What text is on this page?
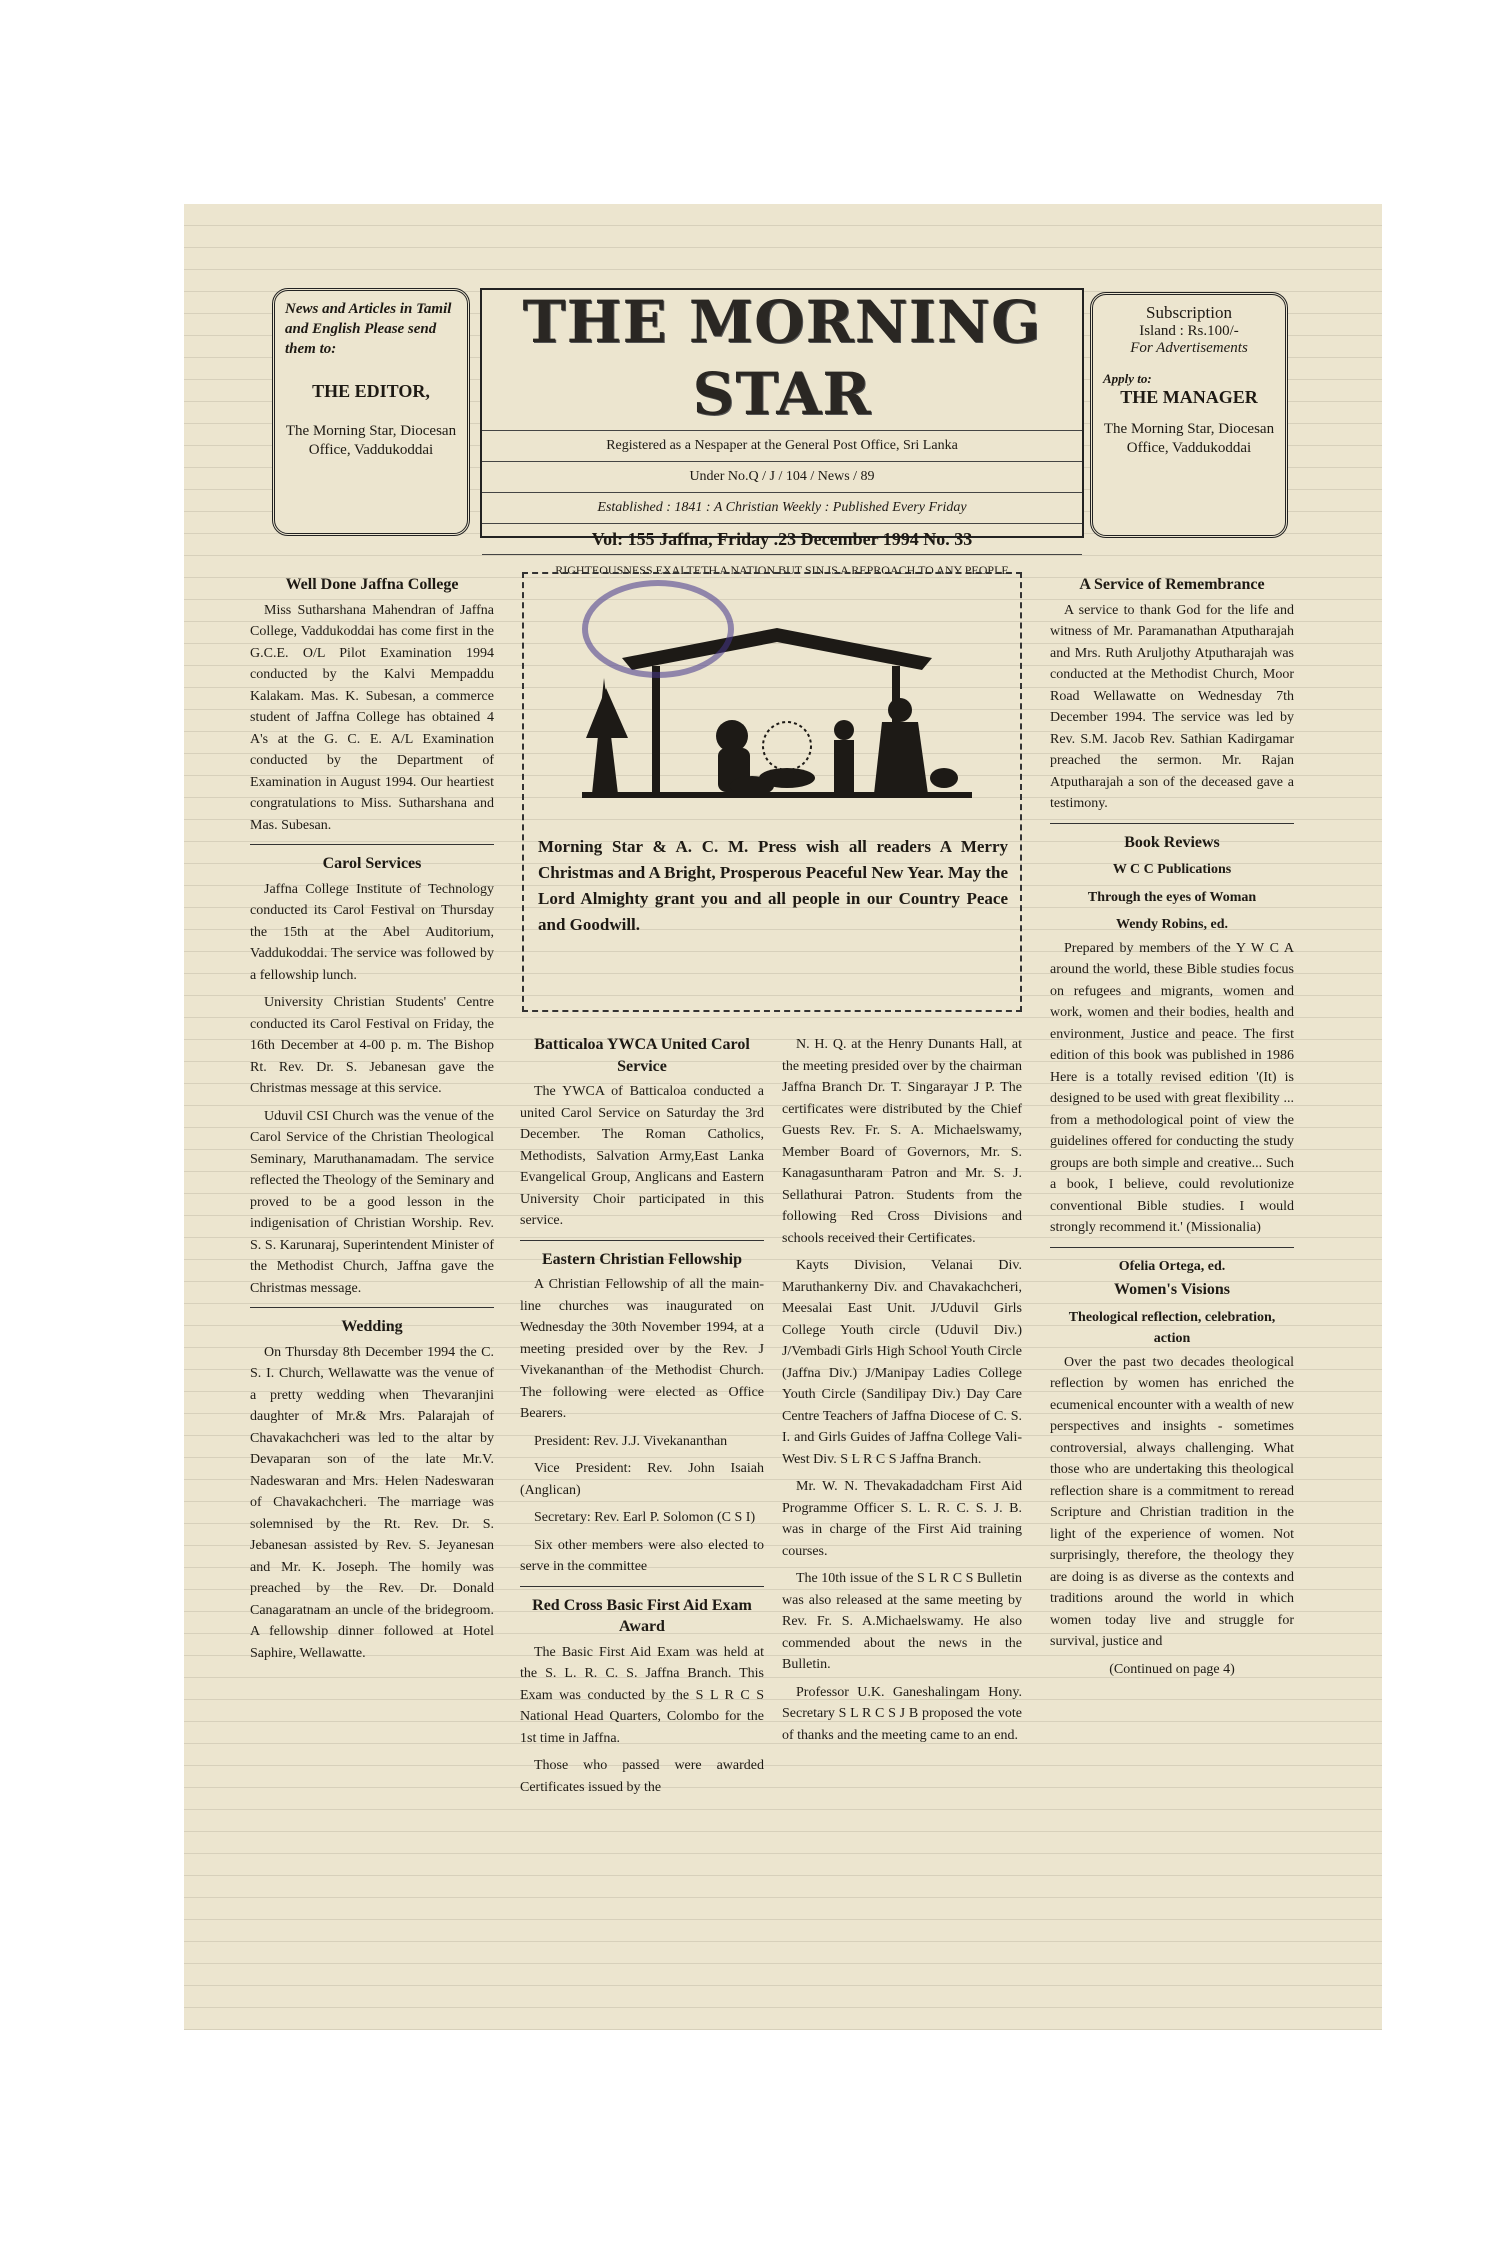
News and Articles in Tamil and English Please send them to:
THE EDITOR,
The Morning Star, Diocesan Office, Vaddukoddai
THE MORNING STAR
Registered as a Nespaper at the General Post Office, Sri Lanka
Under No.Q / J / 104 / News / 89
Established : 1841 : A Christian Weekly : Published Every Friday
Vol: 155 Jaffna, Friday .23 December 1994 No. 33
RIGHTEOUSNESS EXALTETH A NATION BUT SIN IS A REPROACH TO ANY PEOPLE
Subscription
Island : Rs.100/-
For Advertisements
Apply to:
THE MANAGER
The Morning Star, Diocesan Office, Vaddukoddai
Well Done Jaffna College

Miss Sutharshana Mahendran of Jaffna College, Vaddukoddai has come first in the G.C.E. O/L Pilot Examination 1994 conducted by the Kalvi Mempaddu Kalakam. Mas. K. Subesan, a commerce student of Jaffna College has obtained 4 A's at the G. C. E. A/L Examination conducted by the Department of Examination in August 1994. Our heartiest congratulations to Miss. Sutharshana and Mas. Subesan.

Carol Services

Jaffna College Institute of Technology conducted its Carol Festival on Thursday the 15th at the Abel Auditorium, Vaddukoddai. The service was followed by a fellowship lunch.

University Christian Students' Centre conducted its Carol Festival on Friday, the 16th December at 4-00 p. m. The Bishop Rt. Rev. Dr. S. Jebanesan gave the Christmas message at this service.

Uduvil CSI Church was the venue of the Carol Service of the Christian Theological Seminary, Maruthanamadam. The service reflected the Theology of the Seminary and proved to be a good lesson in the indigenisation of Christian Worship. Rev. S. S. Karunaraj, Superintendent Minister of the Methodist Church, Jaffna gave the Christmas message.

Wedding

On Thursday 8th December 1994 the C. S. I. Church, Wellawatte was the venue of a pretty wedding when Thevaranjini daughter of Mr.& Mrs. Palarajah of Chavakachcheri was led to the altar by Devaparan son of the late Mr.V. Nadeswaran and Mrs. Helen Nadeswaran of Chavakachcheri. The marriage was solemnised by the Rt. Rev. Dr. S. Jebanesan assisted by Rev. S. Jeyanesan and Mr. K. Joseph. The homily was preached by the Rev. Dr. Donald Canagaratnam an uncle of the bridegroom. A fellowship dinner followed at Hotel Saphire, Wellawatte.

Morning Star & A. C. M. Press wish all readers A Merry Christmas and A Bright, Prosperous Peaceful New Year. May the Lord Almighty grant you and all people in our Country Peace and Goodwill.
Batticaloa YWCA United Carol Service

The YWCA of Batticaloa conducted a united Carol Service on Saturday the 3rd December. The Roman Catholics, Methodists, Salvation Army,East Lanka Evangelical Group, Anglicans and Eastern University Choir participated in this service.

Eastern Christian Fellowship

A Christian Fellowship of all the main-line churches was inaugurated on Wednesday the 30th November 1994, at a meeting presided over by the Rev. J Vivekananthan of the Methodist Church. The following were elected as Office Bearers.

President: Rev. J.J. Vivekananthan

Vice President: Rev. John Isaiah (Anglican)

Secretary: Rev. Earl P. Solomon (C S I)

Six other members were also elected to serve in the committee

Red Cross Basic First Aid Exam Award

The Basic First Aid Exam was held at the S. L. R. C. S. Jaffna Branch. This Exam was conducted by the S L R C S National Head Quarters, Colombo for the 1st time in Jaffna.

Those who passed were awarded Certificates issued by the

N. H. Q. at the Henry Dunants Hall, at the meeting presided over by the chairman Jaffna Branch Dr. T. Singarayar J P. The certificates were distributed by the Chief Guests Rev. Fr. S. A. Michaelswamy, Member Board of Governors, Mr. S. Kanagasuntharam Patron and Mr. S. J. Sellathurai Patron. Students from the following Red Cross Divisions and schools received their Certificates.

Kayts Division, Velanai Div. Maruthankerny Div. and Chavakachcheri, Meesalai East Unit. J/Uduvil Girls College Youth circle (Uduvil Div.) J/Vembadi Girls High School Youth Circle (Jaffna Div.) J/Manipay Ladies College Youth Circle (Sandilipay Div.) Day Care Centre Teachers of Jaffna Diocese of C. S. I. and Girls Guides of Jaffna College Vali-West Div. S L R C S Jaffna Branch.

Mr. W. N. Thevakadadcham First Aid Programme Officer S. L. R. C. S. J. B. was in charge of the First Aid training courses.

The 10th issue of the S L R C S Bulletin was also released at the same meeting by Rev. Fr. S. A.Michaelswamy. He also commended about the news in the Bulletin.

Professor U.K. Ganeshalingam Hony. Secretary S L R C S J B proposed the vote of thanks and the meeting came to an end.

A Service of Remembrance

A service to thank God for the life and witness of Mr. Paramanathan Atputharajah and Mrs. Ruth Aruljothy Atputharajah was conducted at the Methodist Church, Moor Road Wellawatte on Wednesday 7th December 1994. The service was led by Rev. S.M. Jacob Rev. Sathian Kadirgamar preached the sermon. Mr. Rajan Atputharajah a son of the deceased gave a testimony.

Book Reviews
W C C Publications
Through the eyes of Woman
Wendy Robins, ed.

Prepared by members of the Y W C A around the world, these Bible studies focus on refugees and migrants, women and work, women and their bodies, health and environment, Justice and peace. The first edition of this book was published in 1986 Here is a totally revised edition '(It) is designed to be used with great flexibility ... from a methodological point of view the guidelines offered for conducting the study groups are both simple and creative... Such a book, I believe, could revolutionize conventional Bible studies. I would strongly recommend it.' (Missionalia)

Ofelia Ortega, ed.
Women's Visions
Theological reflection, celebration, action

Over the past two decades theological reflection by women has enriched the ecumenical encounter with a wealth of new perspectives and insights - sometimes controversial, always challenging. What those who are undertaking this theological reflection share is a commitment to reread Scripture and Christian tradition in the light of the experience of women. Not surprisingly, therefore, the theology they are doing is as diverse as the contexts and traditions around the world in which women today live and struggle for survival, justice and

(Continued on page 4)
